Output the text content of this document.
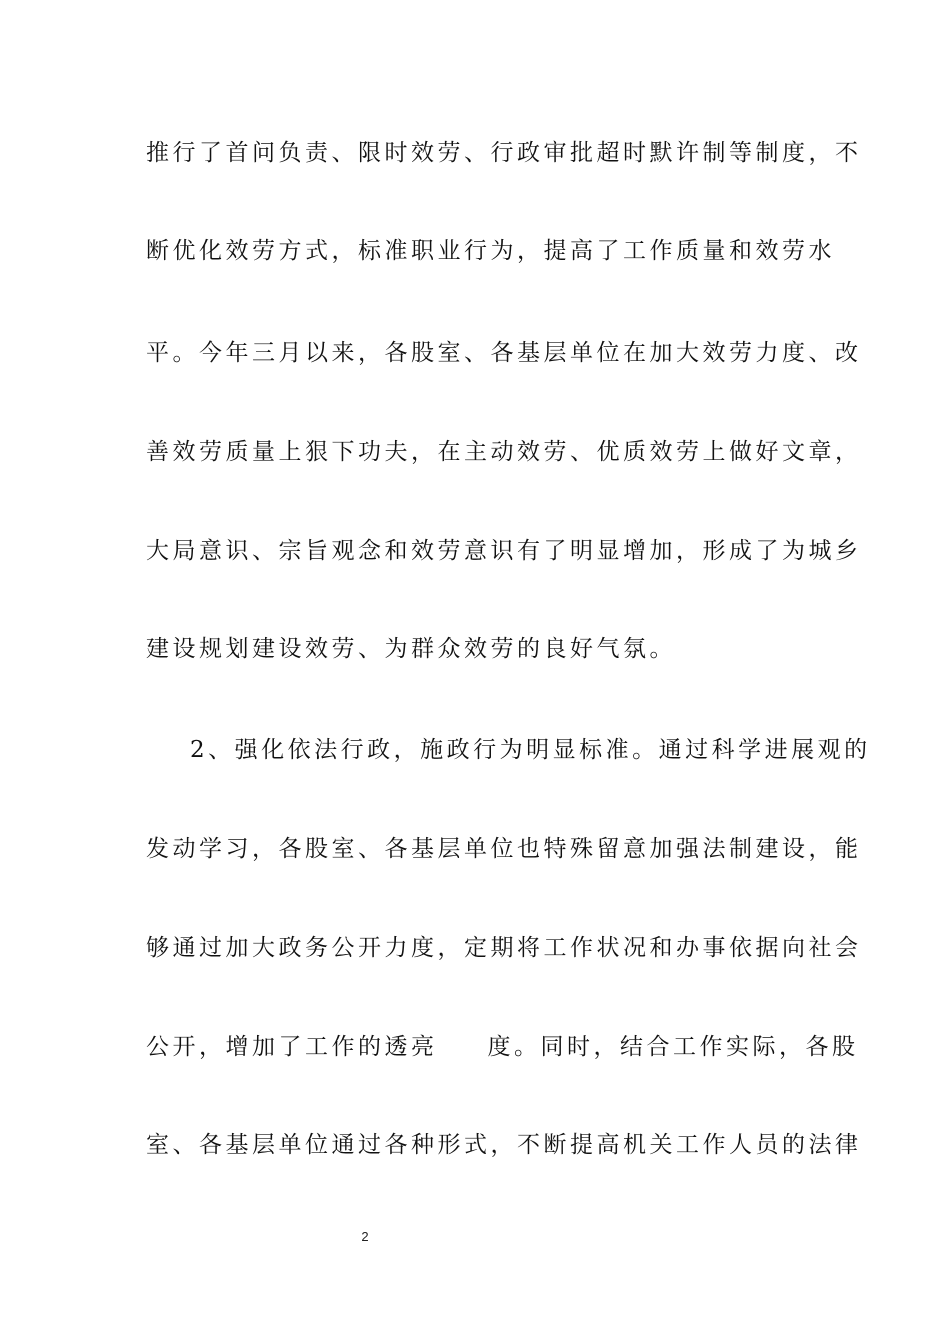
推行了首问负责、限时效劳、行政审批超时默许制等制度，不
断优化效劳方式，标准职业行为，提高了工作质量和效劳水
平。今年三月以来，各股室、各基层单位在加大效劳力度、改
善效劳质量上狠下功夫，在主动效劳、优质效劳上做好文章，
大局意识、宗旨观念和效劳意识有了明显增加，形成了为城乡
建设规划建设效劳、为群众效劳的良好气氛。
2、强化依法行政，施政行为明显标准。通过科学进展观的
发动学习，各股室、各基层单位也特殊留意加强法制建设，能
够通过加大政务公开力度，定期将工作状况和办事依据向社会
公开，增加了工作的透亮 度。同时，结合工作实际，各股
室、各基层单位通过各种形式，不断提高机关工作人员的法律
2
